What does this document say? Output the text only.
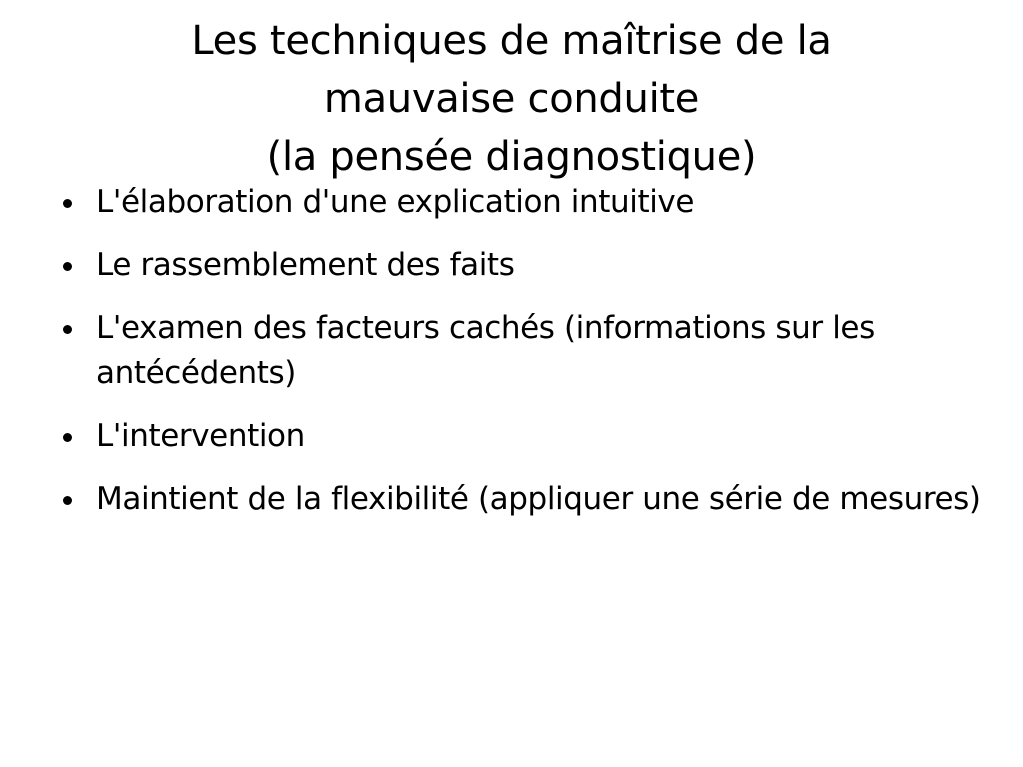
Les techniques de maîtrise de la
mauvaise conduite
(la pensée diagnostique)
L'élaboration d'une explication intuitive
Le rassemblement des faits
L'examen des facteurs cachés (informations sur les antécédents)
L'intervention
Maintient de la flexibilité (appliquer une série de mesures)
